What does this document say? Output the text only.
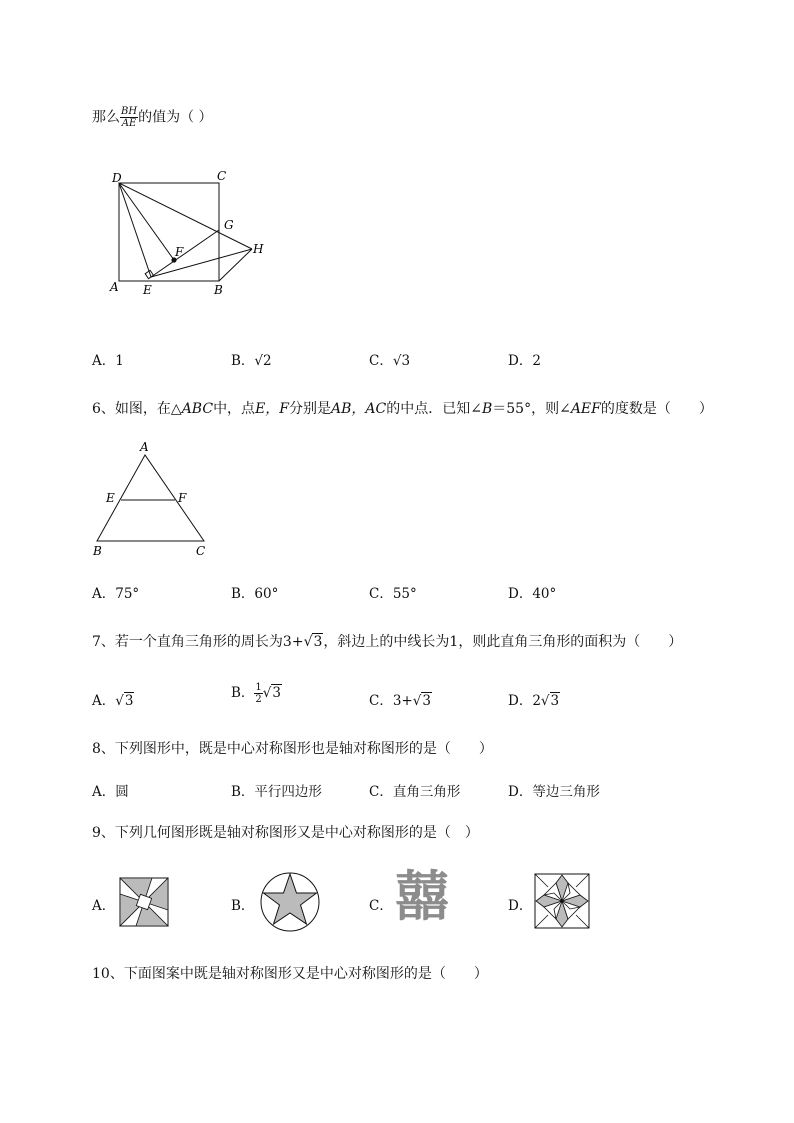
那么 $\frac{BH}{AE}$ 的值为（ ）
D	C
G
F	H
A E	B
A．1	B．√2	C．√3	D．2
6、如图，在△ABC中，点E，F分别是AB，AC的中点．已知∠B＝55°，则∠AEF的度数是（　　）
A
E	F
B	C
A．75°	B．60°	C．55°	D．40°
7、若一个直角三角形的周长为3+√3，斜边上的中线长为1，则此直角三角形的面积为（　　）
A．√3	B． $\frac{1}{2} √3$	C．3+√3	D．2√3
8、下列图形中，既是中心对称图形也是轴对称图形的是（　　）
A．圆	B．平行四边形	C．直角三角形	D．等边三角形
9、下列几何图形既是轴对称图形又是中心对称图形的是（　）
A．	B．	C． 囍	D．
10、下面图案中既是轴对称图形又是中心对称图形的是（　　）
